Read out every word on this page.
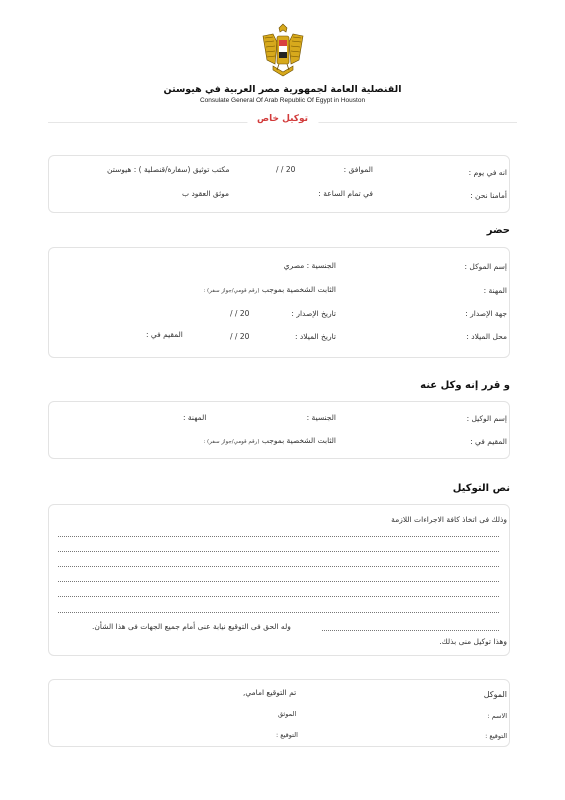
القنصلية العامة لجمهورية مصر العربية في هيوستن
Consulate General Of Arab Republic Of Egypt in Houston
توكيل خاص
انه في يوم :
الموافق :
/ / 20
مكتب توثيق (سفارة/قنصلية ) : هيوستن
أمامنا نحن :
في تمام الساعة :
موثق العقود ب
حضر
إسم الموكل :
الجنسية : مصري
المهنة :
الثابت الشخصية بموجب (رقم قومي/جواز سفر) :
جهة الإصدار :
تاريخ الإصدار :
/ / 20
محل الميلاد :
تاريخ الميلاد :
/ / 20
المقيم في :
و قرر إنه وكل عنه
إسم الوكيل :
الجنسية :
المهنة :
المقيم في :
الثابت الشخصية بموجب (رقم قومي/جواز سفر) :
نص التوكيل
وذلك فى اتخاذ كافة الاجراءات اللازمة
وله الحق فى التوقيع نيابة عنى أمام جميع الجهات فى هذا الشأن.
وهذا توكيل منى بذلك.
الموكل
تم التوقيع امامي,
الاسم :
الموثق
التوقيع :
التوقيع :
